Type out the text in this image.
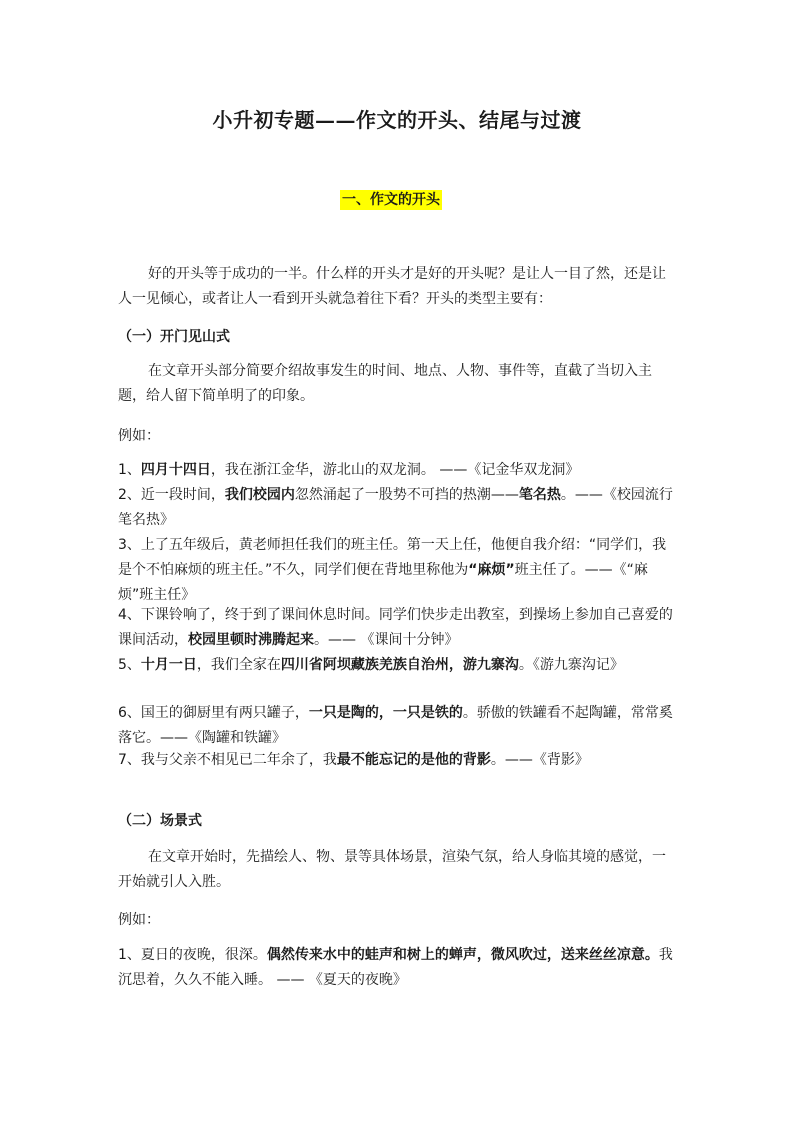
小升初专题——作文的开头、结尾与过渡
一、作文的开头

好的开头等于成功的一半。什么样的开头才是好的开头呢？是让人一目了然，还是让人一见倾心，或者让人一看到开头就急着往下看？开头的类型主要有：

（一）开门见山式

在文章开头部分简要介绍故事发生的时间、地点、人物、事件等，直截了当切入主题，给人留下简单明了的印象。

例如：

1、四月十四日，我在浙江金华，游北山的双龙洞。 ——《记金华双龙洞》

2、近一段时间，我们校园内忽然涌起了一股势不可挡的热潮——笔名热。——《校园流行笔名热》

3、上了五年级后，黄老师担任我们的班主任。第一天上任，他便自我介绍：“同学们，我是个不怕麻烦的班主任。”不久，同学们便在背地里称他为“麻烦”班主任了。——《“麻烦”班主任》

4、下课铃响了，终于到了课间休息时间。同学们快步走出教室，到操场上参加自己喜爱的课间活动，校园里顿时沸腾起来。—— 《课间十分钟》

5、十月一日，我们全家在四川省阿坝藏族羌族自治州，游九寨沟。《游九寨沟记》

6、国王的御厨里有两只罐子，一只是陶的，一只是铁的。骄傲的铁罐看不起陶罐，常常奚落它。——《陶罐和铁罐》

7、我与父亲不相见已二年余了，我最不能忘记的是他的背影。——《背影》

（二）场景式

在文章开始时，先描绘人、物、景等具体场景，渲染气氛，给人身临其境的感觉，一开始就引人入胜。

例如：

1、夏日的夜晚，很深。偶然传来水中的蛙声和树上的蝉声，微风吹过，送来丝丝凉意。我沉思着，久久不能入睡。 —— 《夏天的夜晚》
